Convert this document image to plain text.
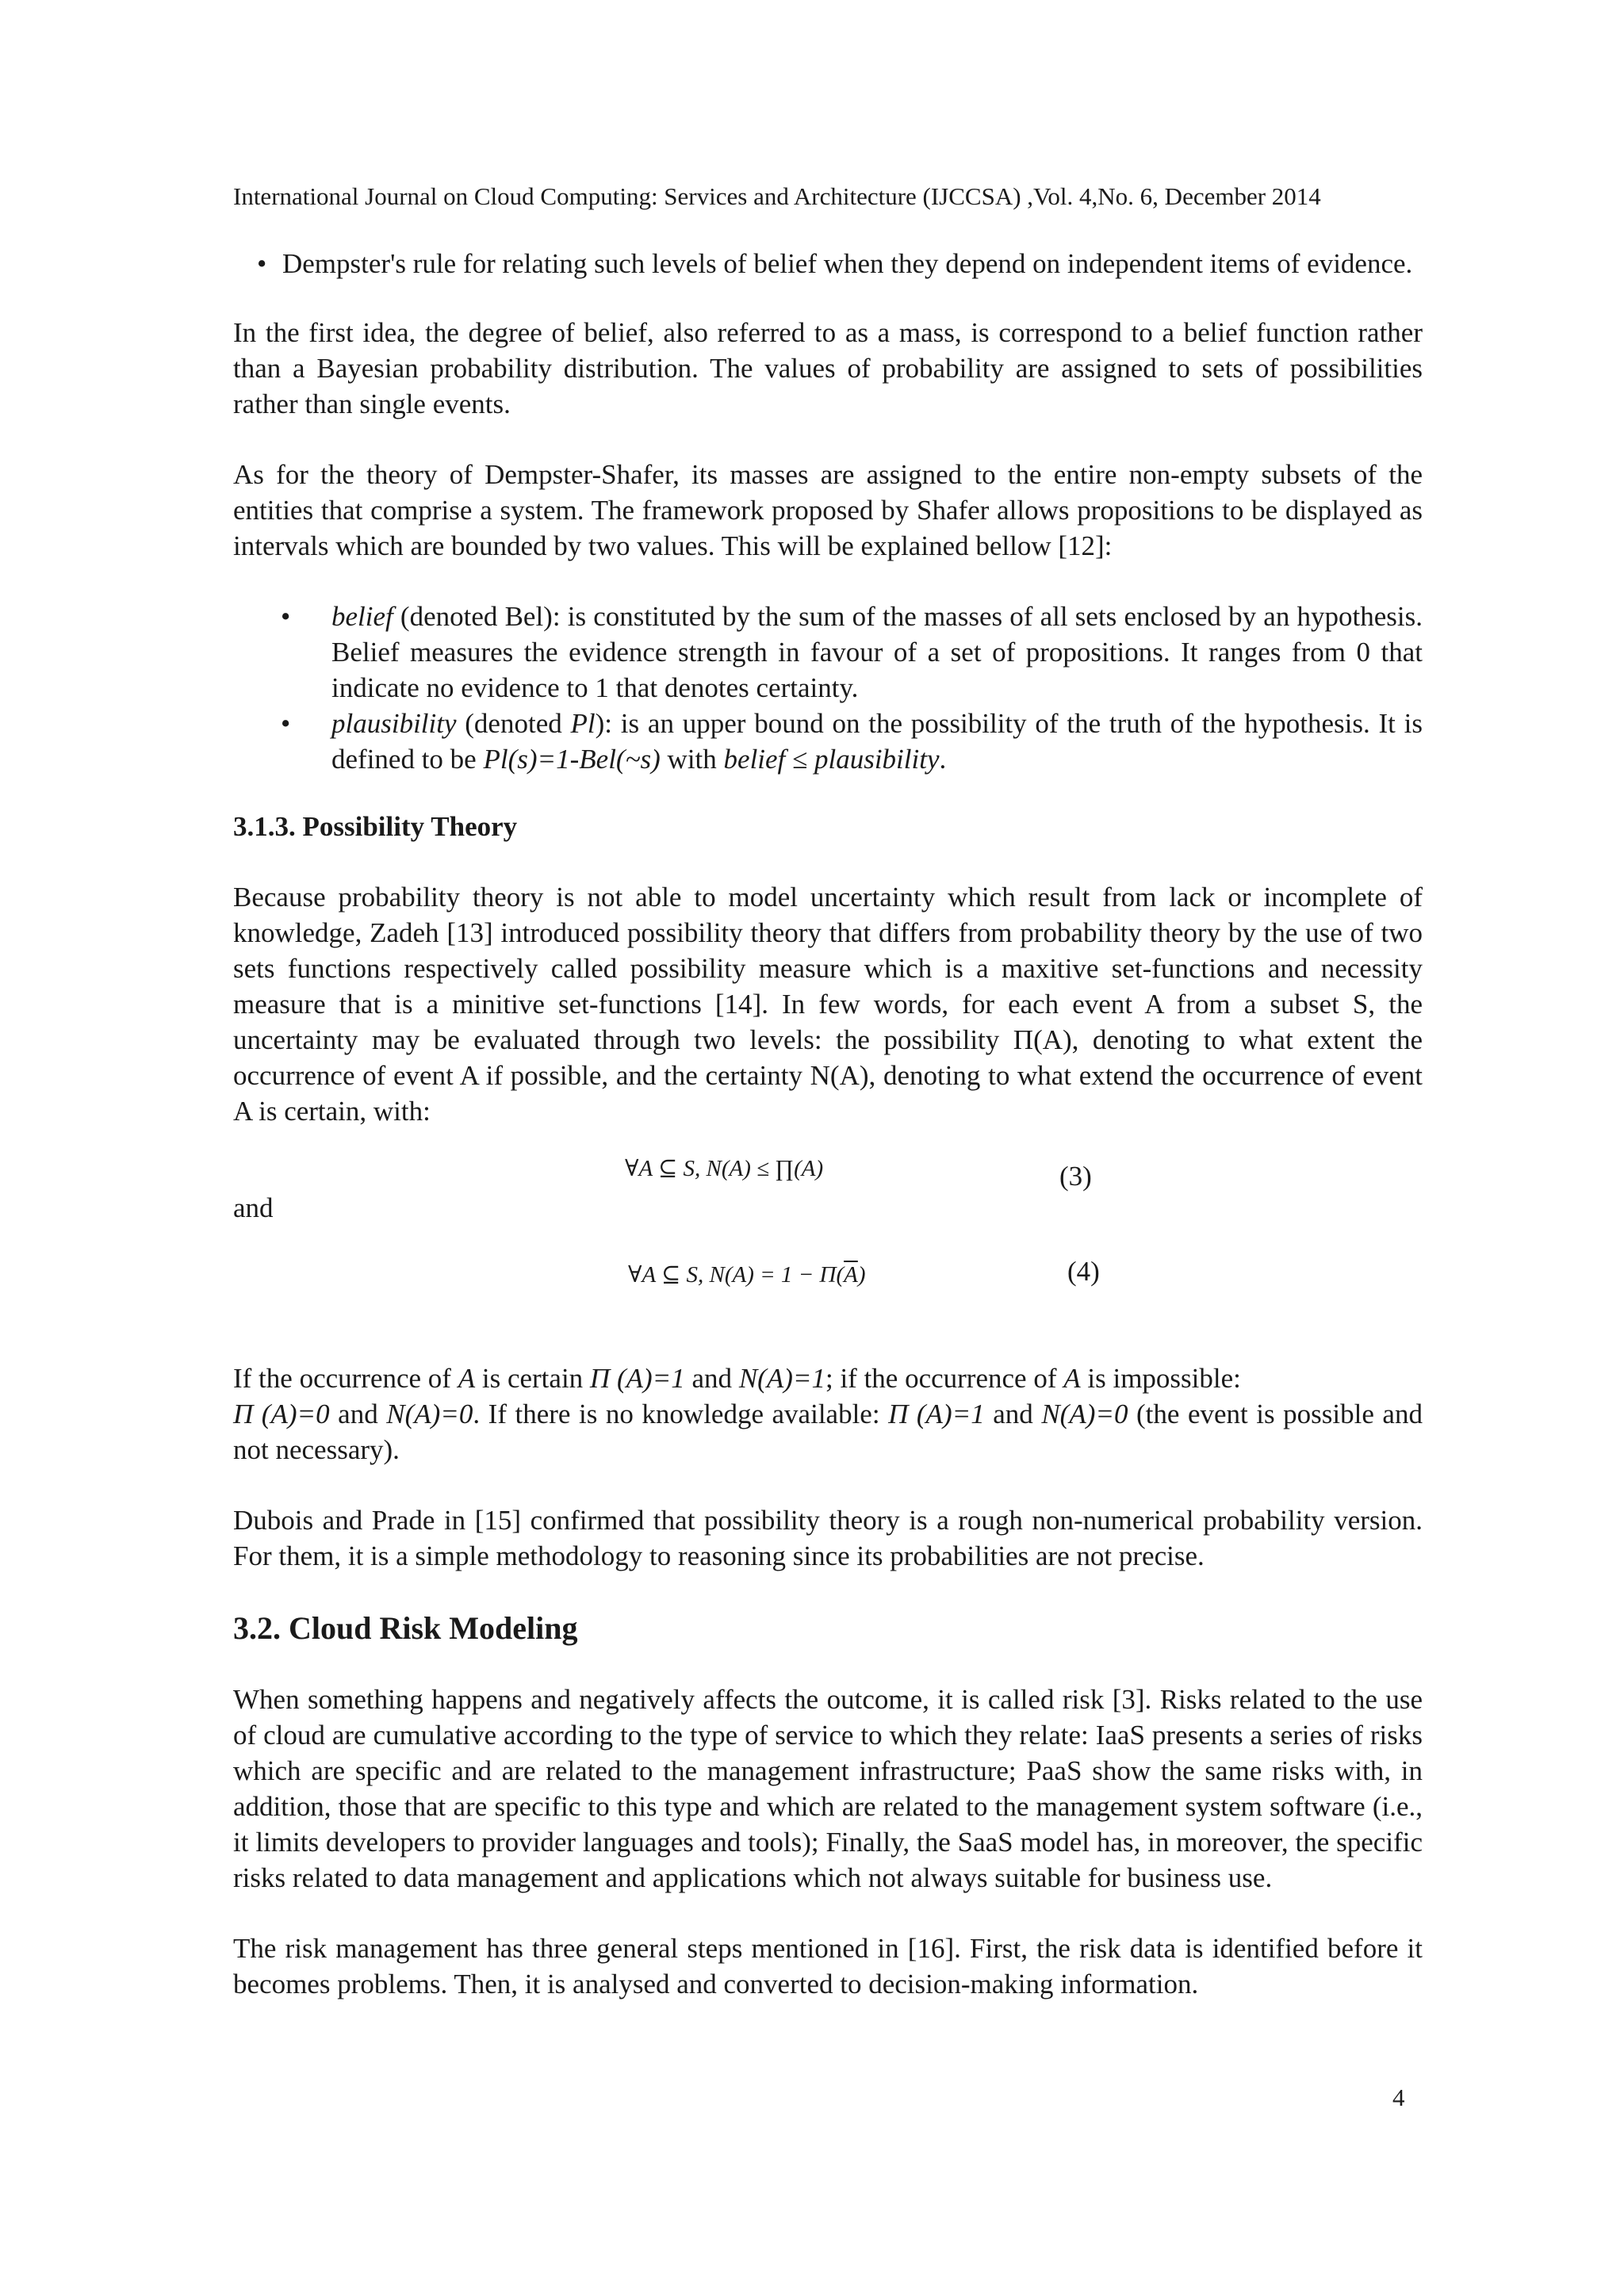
International Journal on Cloud Computing: Services and Architecture (IJCCSA) ,Vol. 4,No. 6, December 2014
• Dempster's rule for relating such levels of belief when they depend on independent items of evidence.

In the first idea, the degree of belief, also referred to as a mass, is correspond to a belief function rather than a Bayesian probability distribution. The values of probability are assigned to sets of possibilities rather than single events.

As for the theory of Dempster-Shafer, its masses are assigned to the entire non-empty subsets of the entities that comprise a system. The framework proposed by Shafer allows propositions to be displayed as intervals which are bounded by two values. This will be explained bellow [12]:

• belief (denoted Bel): is constituted by the sum of the masses of all sets enclosed by an hypothesis. Belief measures the evidence strength in favour of a set of propositions. It ranges from 0 that indicate no evidence to 1 that denotes certainty.
• plausibility (denoted Pl): is an upper bound on the possibility of the truth of the hypothesis. It is defined to be Pl(s)=1-Bel(~s) with belief ≤ plausibility.
3.1.3. Possibility Theory

Because probability theory is not able to model uncertainty which result from lack or incomplete of knowledge, Zadeh [13] introduced possibility theory that differs from probability theory by the use of two sets functions respectively called possibility measure which is a maxitive set-functions and necessity measure that is a minitive set-functions [14]. In few words, for each event A from a subset S, the uncertainty may be evaluated through two levels: the possibility Π(A), denoting to what extent the occurrence of event A if possible, and the certainty N(A), denoting to what extend the occurrence of event A is certain, with:

∀A ⊆ S, N(A) ≤ ∏(A)	(3)
and
∀A ⊆ S, $N(A) = 1 - \Pi(\overline{A})$	(4)

If the occurrence of A is certain Π (A)=1 and N(A)=1; if the occurrence of A is impossible:
Π (A)=0 and N(A)=0. If there is no knowledge available: Π (A)=1 and N(A)=0 (the event is possible and not necessary).

Dubois and Prade in [15] confirmed that possibility theory is a rough non-numerical probability version. For them, it is a simple methodology to reasoning since its probabilities are not precise.

3.2. Cloud Risk Modeling

When something happens and negatively affects the outcome, it is called risk [3]. Risks related to the use of cloud are cumulative according to the type of service to which they relate: IaaS presents a series of risks which are specific and are related to the management infrastructure; PaaS show the same risks with, in addition, those that are specific to this type and which are related to the management system software (i.e., it limits developers to provider languages and tools); Finally, the SaaS model has, in moreover, the specific risks related to data management and applications which not always suitable for business use.

The risk management has three general steps mentioned in [16]. First, the risk data is identified before it becomes problems. Then, it is analysed and converted to decision-making information.

4
